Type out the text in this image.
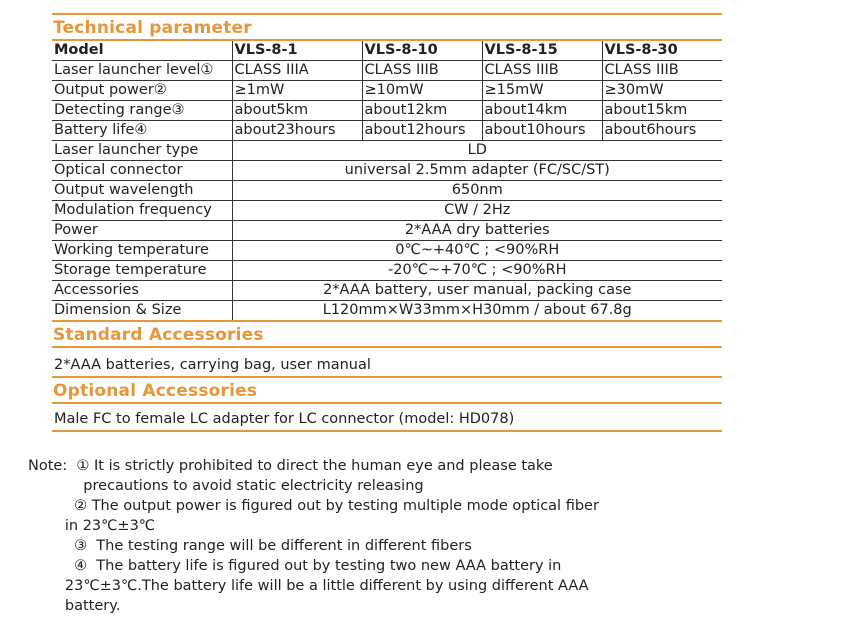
Technical parameter
Model	VLS-8-1	VLS-8-10	VLS-8-15	VLS-8-30
Laser launcher level①	CLASS IIIA	CLASS IIIB	CLASS IIIB	CLASS IIIB
Output power②	≥1mW	≥10mW	≥15mW	≥30mW
Detecting range③	about5km	about12km	about14km	about15km
Battery life④	about23hours	about12hours	about10hours	about6hours
Laser launcher type	LD			
Optical connector	universal 2.5mm adapter (FC/SC/ST)			
Output wavelength	650nm			
Modulation frequency	CW / 2Hz			
Power	2*AAA dry batteries			
Working temperature	0℃~+40℃ ; <90%RH			
Storage temperature	-20℃~+70℃ ; <90%RH			
Accessories	2*AAA battery, user manual, packing case			
Dimension & Size	L120mm×W33mm×H30mm / about 67.8g			
Standard Accessories
2*AAA batteries, carrying bag, user manual
Optional Accessories
Male FC to female LC adapter for LC connector (model: HD078)
Note:  ① It is strictly prohibited to direct the human eye and please take
precautions to avoid static electricity releasing
② The output power is figured out by testing multiple mode optical fiber
in 23℃±3℃
③  The testing range will be different in different fibers
④  The battery life is figured out by testing two new AAA battery in
23℃±3℃.The battery life will be a little different by using different AAA
battery.
